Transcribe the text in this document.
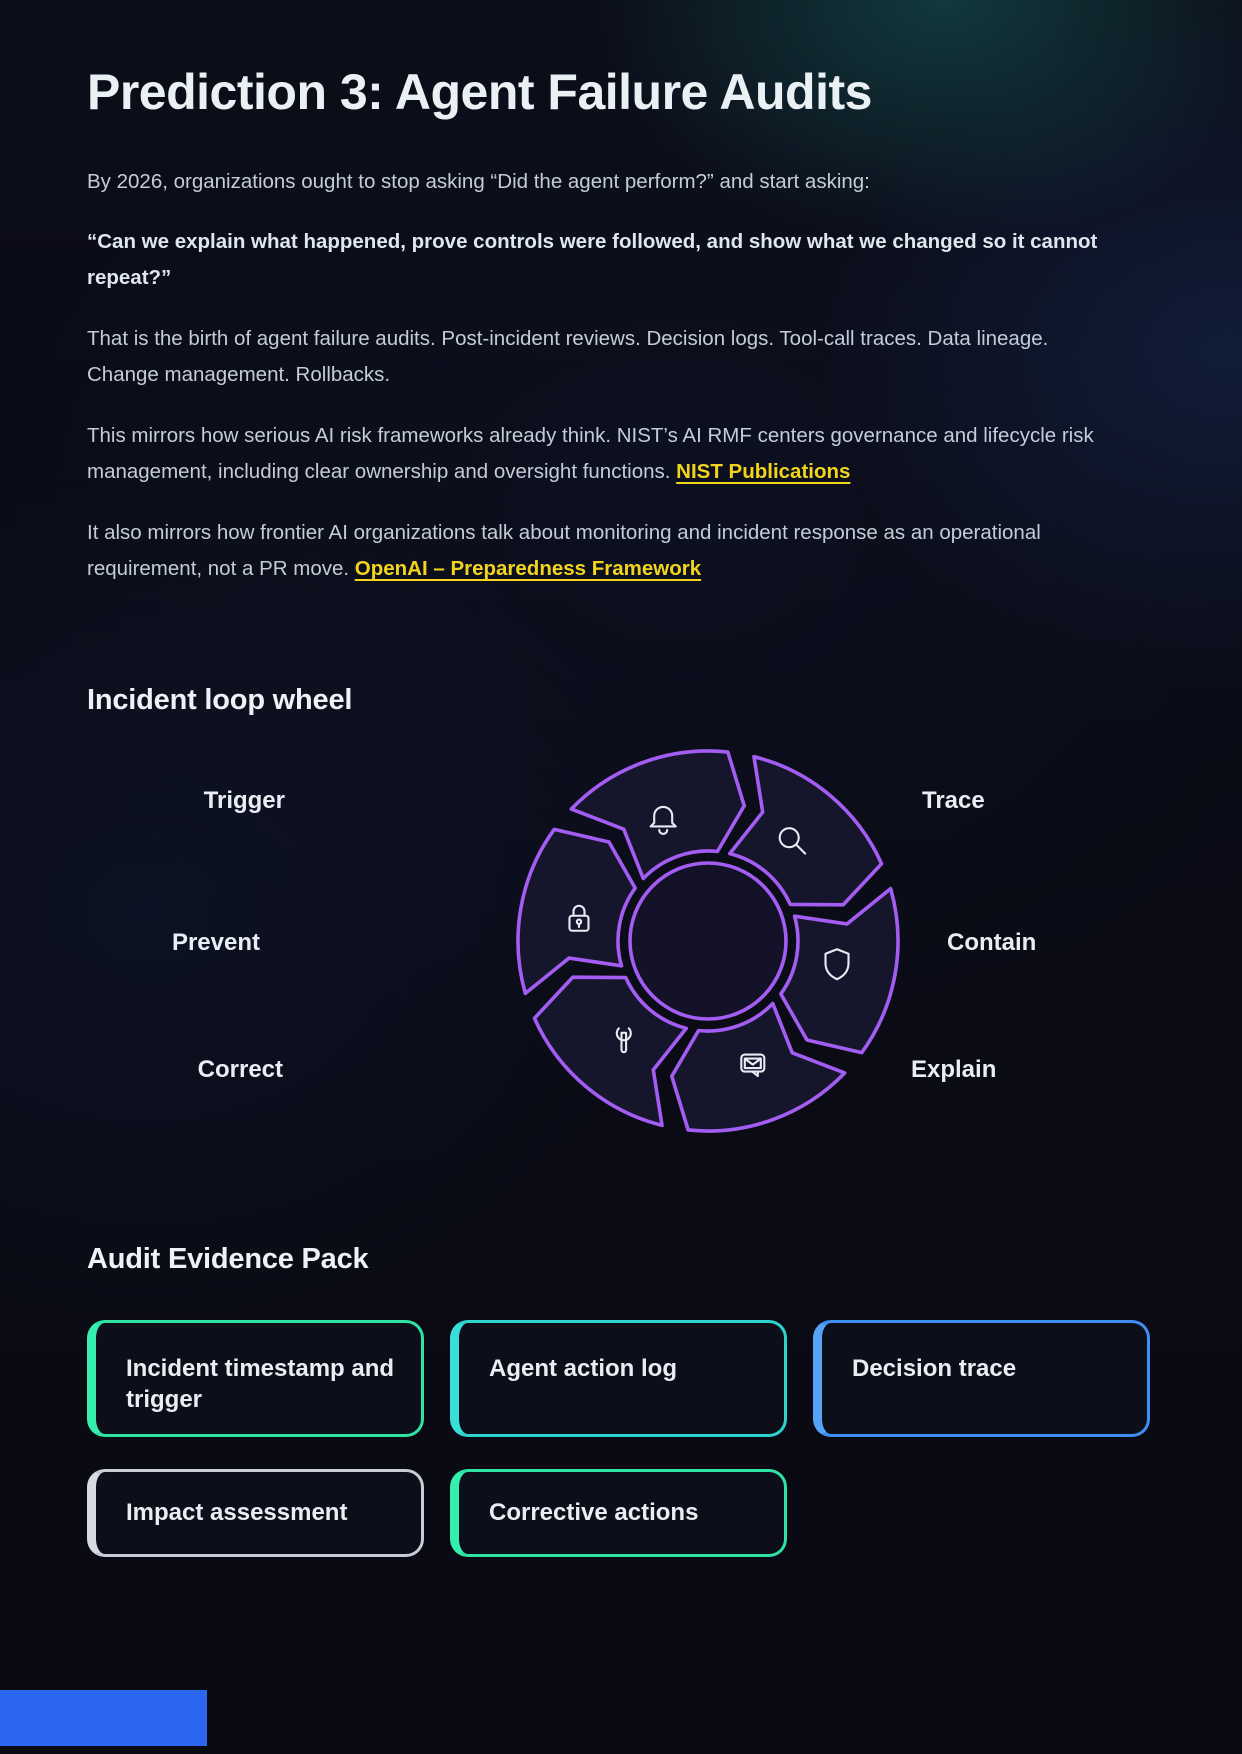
Prediction 3: Agent Failure Audits

By 2026, organizations ought to stop asking “Did the agent perform?” and start asking:

“Can we explain what happened, prove controls were followed, and show what we changed so it cannot repeat?”

That is the birth of agent failure audits. Post-incident reviews. Decision logs. Tool-call traces. Data lineage. Change management. Rollbacks.

This mirrors how serious AI risk frameworks already think. NIST’s AI RMF centers governance and lifecycle risk management, including clear ownership and oversight functions. NIST Publications

It also mirrors how frontier AI organizations talk about monitoring and incident response as an operational requirement, not a PR move. OpenAI – Preparedness Framework

Incident loop wheel
Trigger	Trace
Prevent	Contain
Correct	Explain
Audit Evidence Pack
Incident timestamp and trigger
Agent action log	Decision trace
Impact assessment	Corrective actions
